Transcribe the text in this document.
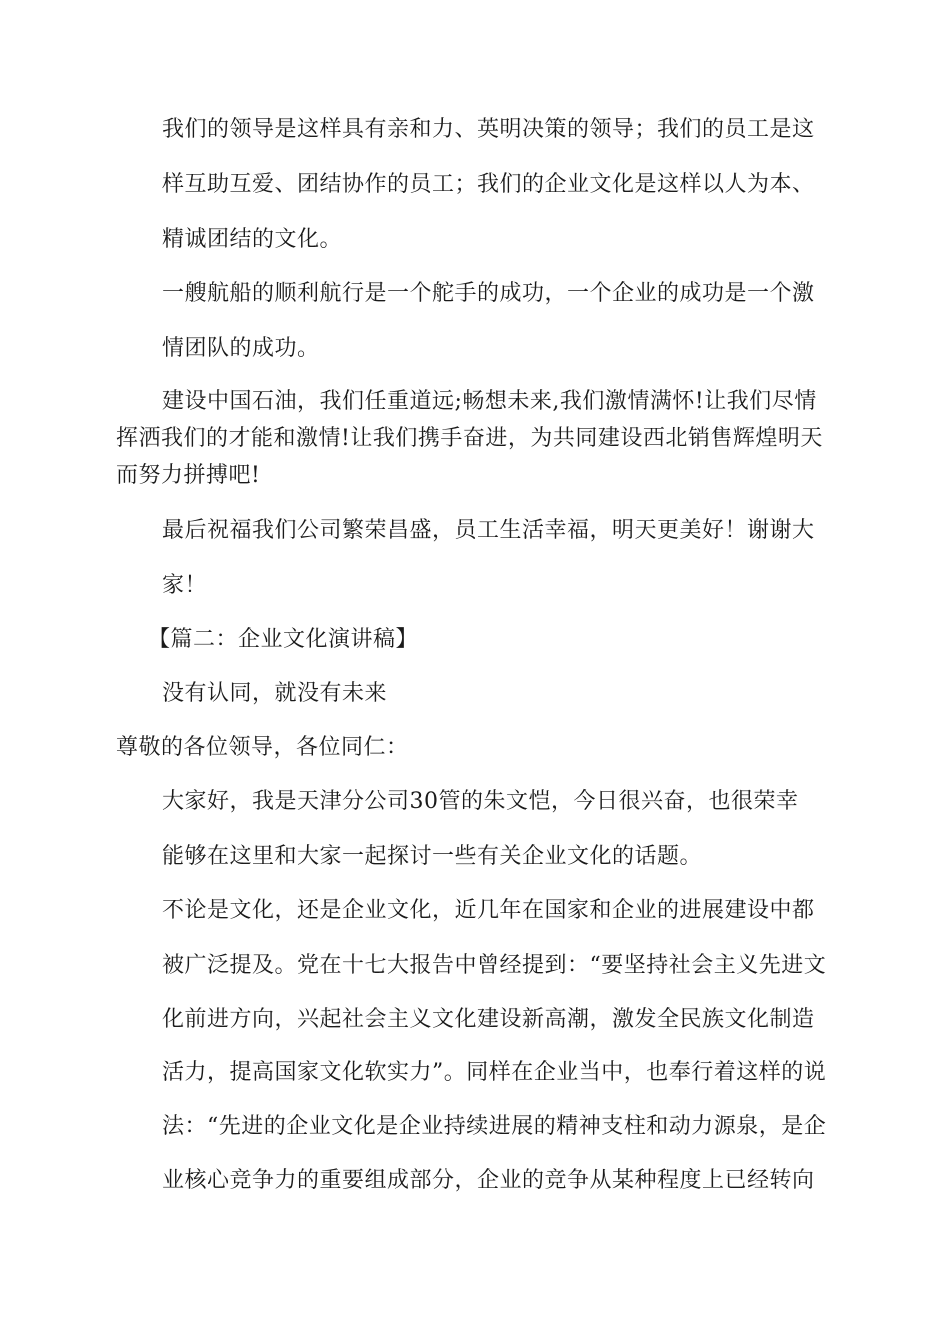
我们的领导是这样具有亲和力、英明决策的领导；我们的员工是这
样互助互爱、团结协作的员工；我们的企业文化是这样以人为本、
精诚团结的文化。
一艘航船的顺利航行是一个舵手的成功，一个企业的成功是一个激
情团队的成功。
建设中国石油，我们任重道远;畅想未来,我们激情满怀!让我们尽情
挥洒我们的才能和激情!让我们携手奋进，为共同建设西北销售辉煌明天
而努力拼搏吧!
最后祝福我们公司繁荣昌盛，员工生活幸福，明天更美好！谢谢大
家！
【篇二：企业文化演讲稿】
没有认同，就没有未来
尊敬的各位领导，各位同仁：
大家好，我是天津分公司30管的朱文恺，今日很兴奋，也很荣幸
能够在这里和大家一起探讨一些有关企业文化的话题。
不论是文化，还是企业文化，近几年在国家和企业的进展建设中都
被广泛提及。党在十七大报告中曾经提到：“要坚持社会主义先进文
化前进方向，兴起社会主义文化建设新高潮，激发全民族文化制造
活力，提高国家文化软实力”。同样在企业当中，也奉行着这样的说
法：“先进的企业文化是企业持续进展的精神支柱和动力源泉，是企
业核心竞争力的重要组成部分，企业的竞争从某种程度上已经转向
